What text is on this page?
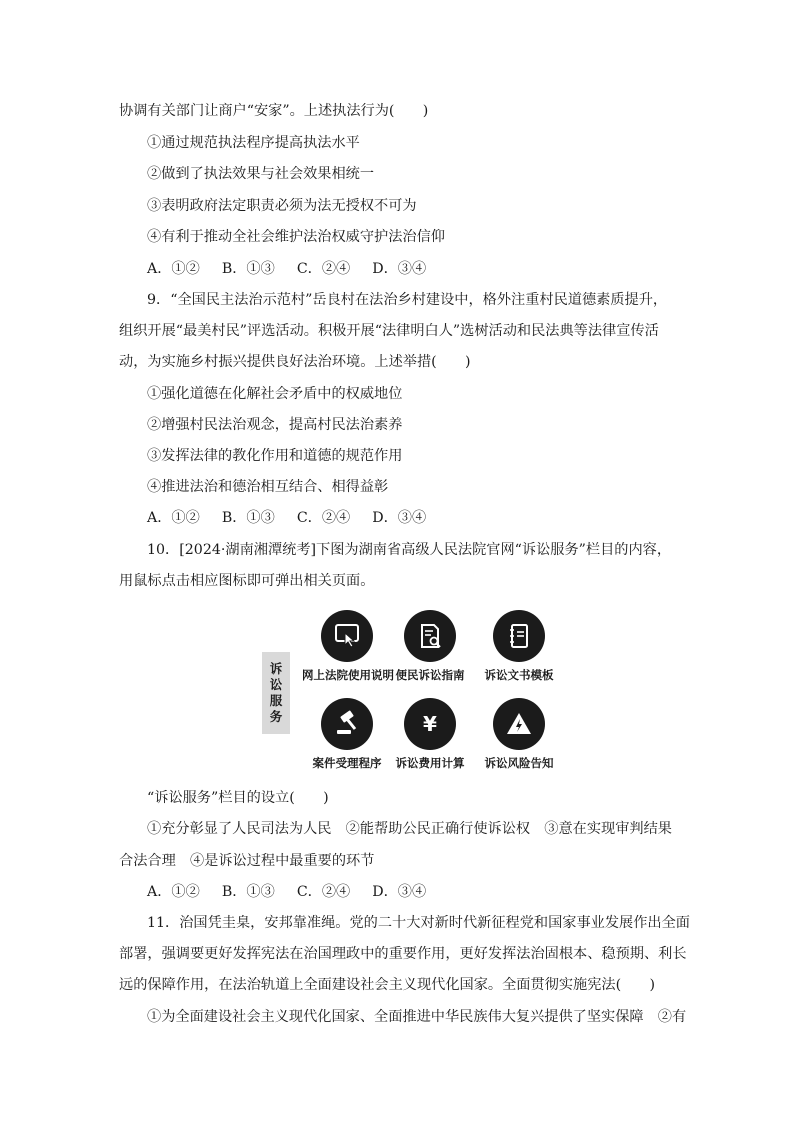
协调有关部门让商户“安家”。上述执法行为(　　)
①通过规范执法程序提高执法水平
②做到了执法效果与社会效果相统一
③表明政府法定职责必须为法无授权不可为
④有利于推动全社会维护法治权威守护法治信仰
A．①② B．①③ C．②④ D．③④
9．“全国民主法治示范村”岳良村在法治乡村建设中，格外注重村民道德素质提升，
组织开展“最美村民”评选活动。积极开展“法律明白人”选树活动和民法典等法律宣传活
动，为实施乡村振兴提供良好法治环境。上述举措(　　)
①强化道德在化解社会矛盾中的权威地位
②增强村民法治观念，提高村民法治素养
③发挥法律的教化作用和道德的规范作用
④推进法治和德治相互结合、相得益彰
A．①② B．①③ C．②④ D．③④
10．[2024·湖南湘潭统考]下图为湖南省高级人民法院官网“诉讼服务”栏目的内容，
用鼠标点击相应图标即可弹出相关页面。
诉
讼
服
务
网上法院使用说明 便民诉讼指南	诉讼文书模板
案件受理程序
¥
诉讼费用计算	诉讼风险告知
“诉讼服务”栏目的设立(　　)
①充分彰显了人民司法为人民　②能帮助公民正确行使诉讼权　③意在实现审判结果
合法合理　④是诉讼过程中最重要的环节
A．①② B．①③ C．②④ D．③④
11．治国凭圭臬，安邦靠准绳。党的二十大对新时代新征程党和国家事业发展作出全面
部署，强调要更好发挥宪法在治国理政中的重要作用，更好发挥法治固根本、稳预期、利长
远的保障作用，在法治轨道上全面建设社会主义现代化国家。全面贯彻实施宪法(　　)
①为全面建设社会主义现代化国家、全面推进中华民族伟大复兴提供了坚实保障　②有
